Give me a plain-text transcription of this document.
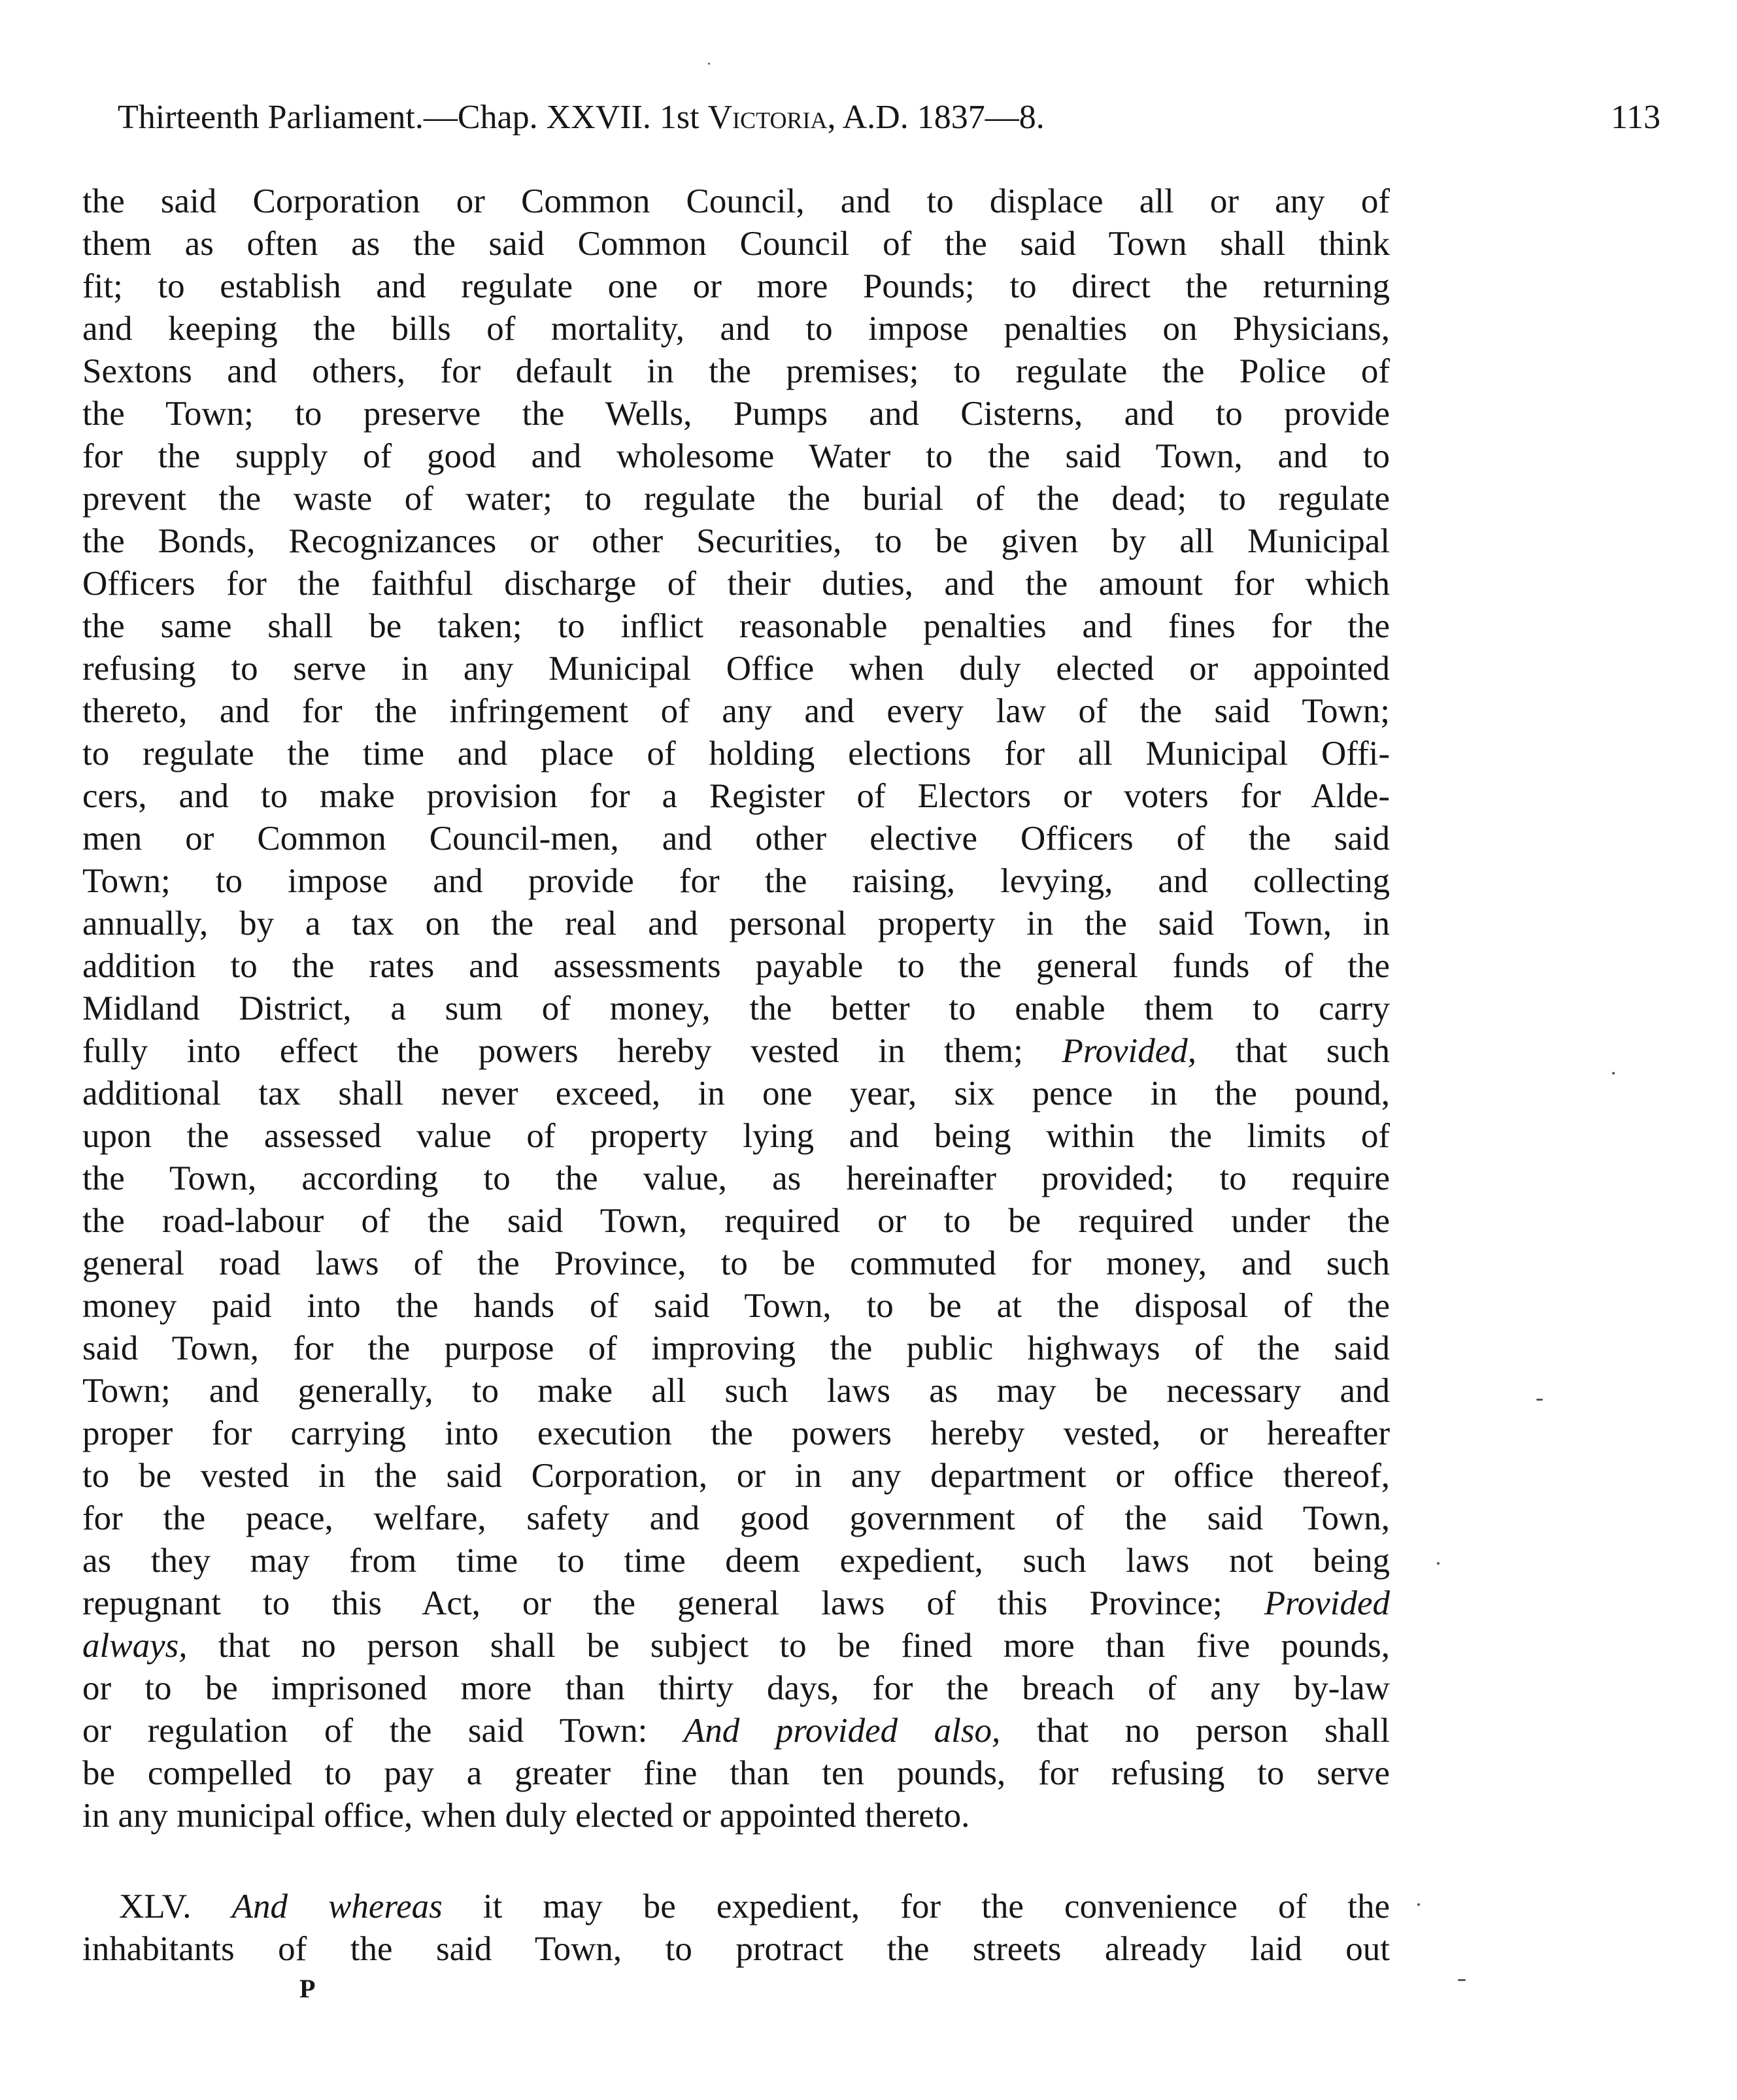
Thirteenth Parliament.—Chap. XXVII. 1st Victoria, A.D. 1837—8.	113
the said Corporation or Common Council, and to displace all or any of
them as often as the said Common Council of the said Town shall think
fit; to establish and regulate one or more Pounds; to direct the returning
and keeping the bills of mortality, and to impose penalties on Physicians,
Sextons and others, for default in the premises; to regulate the Police of
the Town; to preserve the Wells, Pumps and Cisterns, and to provide
for the supply of good and wholesome Water to the said Town, and to
prevent the waste of water; to regulate the burial of the dead; to regulate
the Bonds, Recognizances or other Securities, to be given by all Municipal
Officers for the faithful discharge of their duties, and the amount for which
the same shall be taken; to inflict reasonable penalties and fines for the
refusing to serve in any Municipal Office when duly elected or appointed
thereto, and for the infringement of any and every law of the said Town;
to regulate the time and place of holding elections for all Municipal Offi-
cers, and to make provision for a Register of Electors or voters for Alde-
men or Common Council-men, and other elective Officers of the said
Town; to impose and provide for the raising, levying, and collecting
annually, by a tax on the real and personal property in the said Town, in
addition to the rates and assessments payable to the general funds of the
Midland District, a sum of money, the better to enable them to carry
fully into effect the powers hereby vested in them; Provided, that such
additional tax shall never exceed, in one year, six pence in the pound,
upon the assessed value of property lying and being within the limits of
the Town, according to the value, as hereinafter provided; to require
the road-labour of the said Town, required or to be required under the
general road laws of the Province, to be commuted for money, and such
money paid into the hands of said Town, to be at the disposal of the
said Town, for the purpose of improving the public highways of the said
Town; and generally, to make all such laws as may be necessary and
proper for carrying into execution the powers hereby vested, or hereafter
to be vested in the said Corporation, or in any department or office thereof,
for the peace, welfare, safety and good government of the said Town,
as they may from time to time deem expedient, such laws not being
repugnant to this Act, or the general laws of this Province; Provided
always, that no person shall be subject to be fined more than five pounds,
or to be imprisoned more than thirty days, for the breach of any by-law
or regulation of the said Town: And provided also, that no person shall
be compelled to pay a greater fine than ten pounds, for refusing to serve
in any municipal office, when duly elected or appointed thereto.
XLV. And whereas it may be expedient, for the convenience of the
inhabitants of the said Town, to protract the streets already laid out
P
